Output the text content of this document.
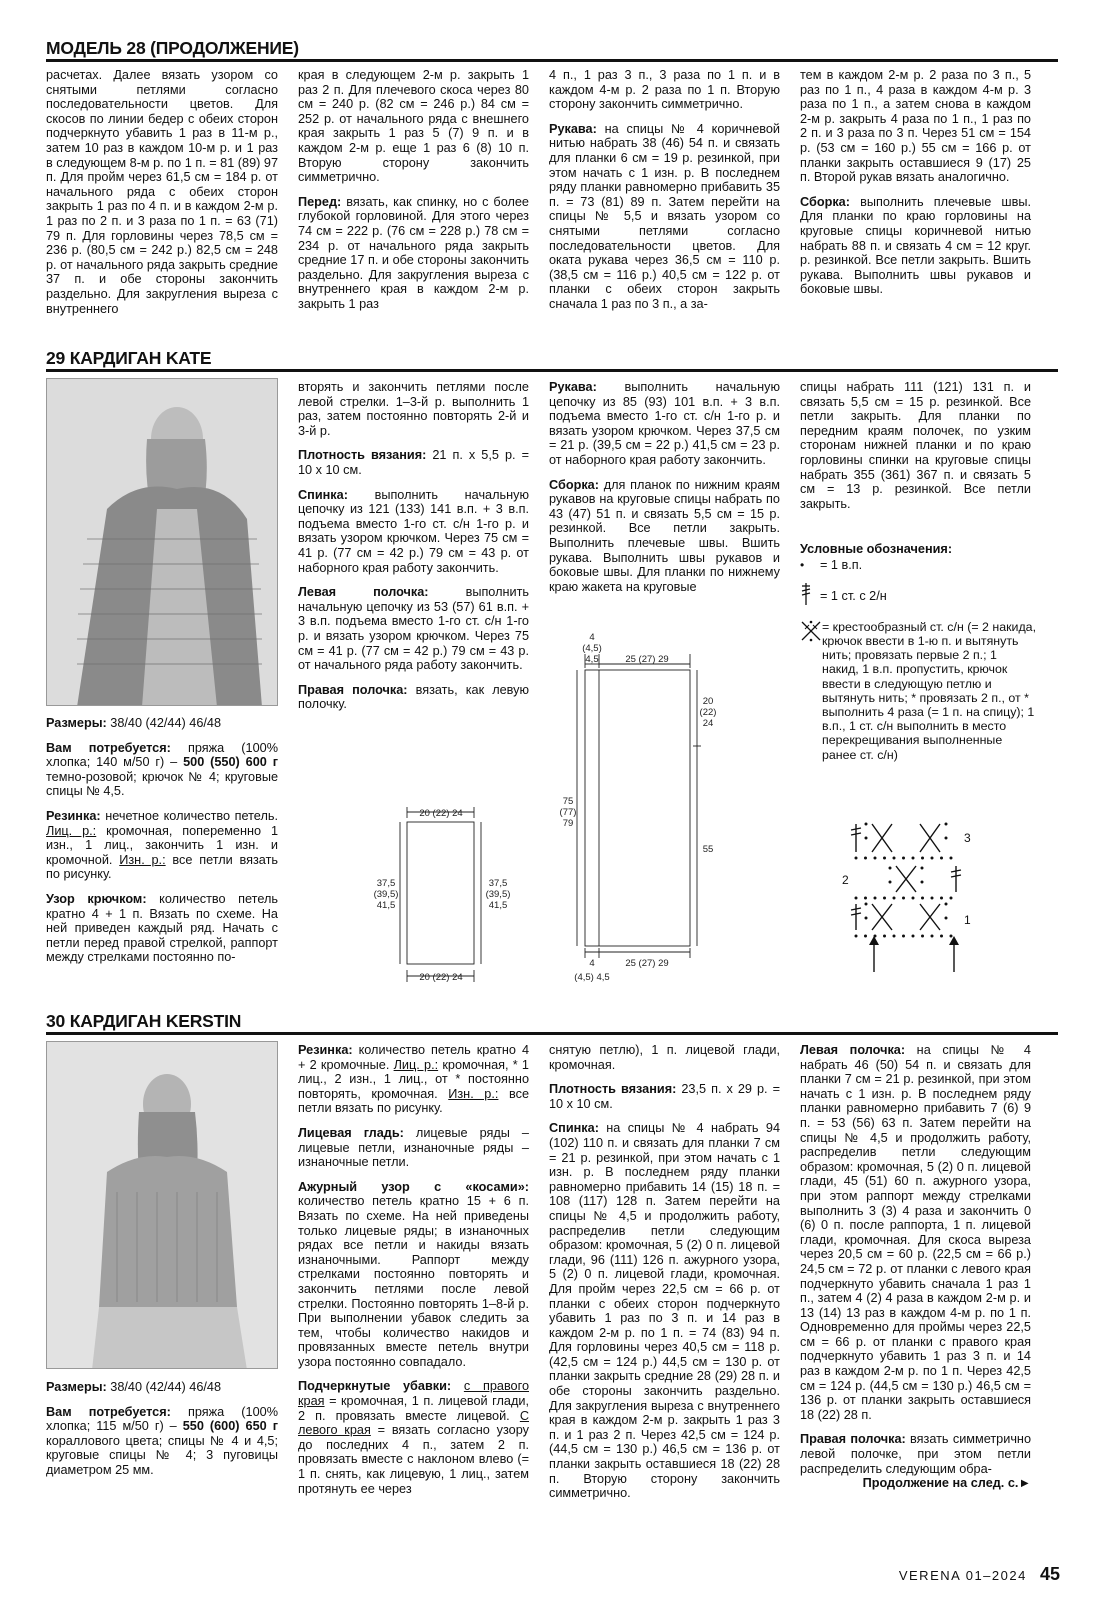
МОДЕЛЬ 28 (ПРОДОЛЖЕНИЕ)

расчетах. Далее вязать узором со снятыми петлями согласно последовательности цветов. Для скосов по линии бедер с обеих сторон подчеркнуто убавить 1 раз в 11-м р., затем 10 раз в каждом 10-м р. и 1 раз в следующем 8-м р. по 1 п. = 81 (89) 97 п. Для пройм через 61,5 см = 184 р. от начального ряда с обеих сторон закрыть 1 раз по 4 п. и в каждом 2-м р. 1 раз по 2 п. и 3 раза по 1 п. = 63 (71) 79 п. Для горловины через 78,5 см = 236 р. (80,5 см = 242 р.) 82,5 см = 248 р. от начального ряда закрыть средние 37 п. и обе стороны закончить раздельно. Для закругления выреза с внутреннего

края в следующем 2-м р. закрыть 1 раз 2 п. Для плечевого скоса через 80 см = 240 р. (82 см = 246 р.) 84 см = 252 р. от начального ряда с внешнего края закрыть 1 раз 5 (7) 9 п. и в каждом 2-м р. еще 1 раз 6 (8) 10 п. Вторую сторону закончить симметрично.

Перед: вязать, как спинку, но с более глубокой горловиной. Для этого через 74 см = 222 р. (76 см = 228 р.) 78 см = 234 р. от начального ряда закрыть средние 17 п. и обе стороны закончить раздельно. Для закругления выреза с внутреннего края в каждом 2-м р. закрыть 1 раз

4 п., 1 раз 3 п., 3 раза по 1 п. и в каждом 4-м р. 2 раза по 1 п. Вторую сторону закончить симметрично.

Рукава: на спицы № 4 коричневой нитью набрать 38 (46) 54 п. и связать для планки 6 см = 19 р. резинкой, при этом начать с 1 изн. р. В последнем ряду планки равномерно прибавить 35 п. = 73 (81) 89 п. Затем перейти на спицы № 5,5 и вязать узором со снятыми петлями согласно последовательности цветов. Для оката рукава через 36,5 см = 110 р. (38,5 см = 116 р.) 40,5 см = 122 р. от планки с обеих сторон закрыть сначала 1 раз по 3 п., а за-

тем в каждом 2-м р. 2 раза по 3 п., 5 раз по 1 п., 4 раза в каждом 4-м р. 3 раза по 1 п., а затем снова в каждом 2-м р. закрыть 4 раза по 1 п., 1 раз по 2 п. и 3 раза по 3 п. Через 51 см = 154 р. (53 см = 160 р.) 55 см = 166 р. от планки закрыть оставшиеся 9 (17) 25 п. Второй рукав вязать аналогично.

Сборка: выполнить плечевые швы. Для планки по краю горловины на круговые спицы коричневой нитью набрать 88 п. и связать 4 см = 12 круг. р. резинкой. Все петли закрыть. Вшить рукава. Выполнить швы рукавов и боковые швы.

29 КАРДИГАН KATE

Размеры: 38/40 (42/44) 46/48

Вам потребуется: пряжа (100% хлопка; 140 м/50 г) – 500 (550) 600 г темно-розовой; крючок № 4; круговые спицы № 4,5.

Резинка: нечетное количество петель. Лиц. р.: кромочная, попеременно 1 изн., 1 лиц., закончить 1 изн. и кромочной. Изн. р.: все петли вязать по рисунку.

Узор крючком: количество петель кратно 4 + 1 п. Вязать по схеме. На ней приведен каждый ряд. Начать с петли перед правой стрелкой, раппорт между стрелками постоянно по-

вторять и закончить петлями после левой стрелки. 1–3-й р. выполнить 1 раз, затем постоянно повторять 2-й и 3-й р.

Плотность вязания: 21 п. х 5,5 р. = 10 х 10 см.

Спинка: выполнить начальную цепочку из 121 (133) 141 в.п. + 3 в.п. подъема вместо 1-го ст. с/н 1-го р. и вязать узором крючком. Через 75 см = 41 р. (77 см = 42 р.) 79 см = 43 р. от наборного края работу закончить.

Левая полочка: выполнить начальную цепочку из 53 (57) 61 в.п. + 3 в.п. подъема вместо 1-го ст. с/н 1-го р. и вязать узором крючком. Через 75 см = 41 р. (77 см = 42 р.) 79 см = 43 р. от начального ряда работу закончить.

Правая полочка: вязать, как левую полочку.

Рукава: выполнить начальную цепочку из 85 (93) 101 в.п. + 3 в.п. подъема вместо 1-го ст. с/н 1-го р. и вязать узором крючком. Через 37,5 см = 21 р. (39,5 см = 22 р.) 41,5 см = 23 р. от наборного края работу закончить.

Сборка: для планок по нижним краям рукавов на круговые спицы набрать по 43 (47) 51 п. и связать 5,5 см = 15 р. резинкой. Все петли закрыть. Выполнить плечевые швы. Вшить рукава. Выполнить швы рукавов и боковые швы. Для планки по нижнему краю жакета на круговые

спицы набрать 111 (121) 131 п. и связать 5,5 см = 15 р. резинкой. Все петли закрыть. Для планки по передним краям полочек, по узким сторонам нижней планки и по краю горловины спинки на круговые спицы набрать 355 (361) 367 п. и связать 5 см = 13 р. резинкой. Все петли закрыть.

Условные обозначения:
•	= 1 в.п.
= 1 ст. с 2/н
= крестообразный ст. с/н (= 2 накида, крючок ввести в 1-ю п. и вытянуть нить; провязать первые 2 п.; 1 накид, 1 в.п. пропустить, крючок ввести в следующую петлю и вытянуть нить; * провязать 2 п., от * выполнить 4 раза (= 1 п. на спицу); 1 в.п., 1 ст. с/н выполнить в место перекрещивания выполненные ранее ст. с/н)
3
2
1
20 (22) 24
20 (22) 24
37,5
(39,5)
41,5
37,5
(39,5)
41,5
4
(4,5)
4,5	25 (27) 29
20
(22)
24
55
75
(77)
79
4
(4,5) 4,5
25 (27) 29
30 КАРДИГАН KERSTIN

Размеры: 38/40 (42/44) 46/48

Вам потребуется: пряжа (100% хлопка; 115 м/50 г) – 550 (600) 650 г кораллового цвета; спицы № 4 и 4,5; круговые спицы № 4; 3 пуговицы диаметром 25 мм.

Резинка: количество петель кратно 4 + 2 кромочные. Лиц. р.: кромочная, * 1 лиц., 2 изн., 1 лиц., от * постоянно повторять, кромочная. Изн. р.: все петли вязать по рисунку.

Лицевая гладь: лицевые ряды – лицевые петли, изнаночные ряды – изнаночные петли.

Ажурный узор с «косами»: количество петель кратно 15 + 6 п. Вязать по схеме. На ней приведены только лицевые ряды; в изнаночных рядах все петли и накиды вязать изнаночными. Раппорт между стрелками постоянно повторять и закончить петлями после левой стрелки. Постоянно повторять 1–8-й р. При выполнении убавок следить за тем, чтобы количество накидов и провязанных вместе петель внутри узора постоянно совпадало.

Подчеркнутые убавки: с правого края = кромочная, 1 п. лицевой глади, 2 п. провязать вместе лицевой. С левого края = вязать согласно узору до последних 4 п., затем 2 п. провязать вместе с наклоном влево (= 1 п. снять, как лицевую, 1 лиц., затем протянуть ее через

снятую петлю), 1 п. лицевой глади, кромочная.

Плотность вязания: 23,5 п. х 29 р. = 10 х 10 см.

Спинка: на спицы № 4 набрать 94 (102) 110 п. и связать для планки 7 см = 21 р. резинкой, при этом начать с 1 изн. р. В последнем ряду планки равномерно прибавить 14 (15) 18 п. = 108 (117) 128 п. Затем перейти на спицы № 4,5 и продолжить работу, распределив петли следующим образом: кромочная, 5 (2) 0 п. лицевой глади, 96 (111) 126 п. ажурного узора, 5 (2) 0 п. лицевой глади, кромочная. Для пройм через 22,5 см = 66 р. от планки с обеих сторон подчеркнуто убавить 1 раз по 3 п. и 14 раз в каждом 2-м р. по 1 п. = 74 (83) 94 п. Для горловины через 40,5 см = 118 р. (42,5 см = 124 р.) 44,5 см = 130 р. от планки закрыть средние 28 (29) 28 п. и обе стороны закончить раздельно. Для закругления выреза с внутреннего края в каждом 2-м р. закрыть 1 раз 3 п. и 1 раз 2 п. Через 42,5 см = 124 р. (44,5 см = 130 р.) 46,5 см = 136 р. от планки закрыть оставшиеся 18 (22) 28 п. Вторую сторону закончить симметрично.

Левая полочка: на спицы № 4 набрать 46 (50) 54 п. и связать для планки 7 см = 21 р. резинкой, при этом начать с 1 изн. р. В последнем ряду планки равномерно прибавить 7 (6) 9 п. = 53 (56) 63 п. Затем перейти на спицы № 4,5 и продолжить работу, распределив петли следующим образом: кромочная, 5 (2) 0 п. лицевой глади, 45 (51) 60 п. ажурного узора, при этом раппорт между стрелками выполнить 3 (3) 4 раза и закончить 0 (6) 0 п. после раппорта, 1 п. лицевой глади, кромочная. Для скоса выреза через 20,5 см = 60 р. (22,5 см = 66 р.) 24,5 см = 72 р. от планки с левого края подчеркнуто убавить сначала 1 раз 1 п., затем 4 (2) 4 раза в каждом 2-м р. и 13 (14) 13 раз в каждом 4-м р. по 1 п. Одновременно для проймы через 22,5 см = 66 р. от планки с правого края подчеркнуто убавить 1 раз 3 п. и 14 раз в каждом 2-м р. по 1 п. Через 42,5 см = 124 р. (44,5 см = 130 р.) 46,5 см = 136 р. от планки закрыть оставшиеся 18 (22) 28 п.

Правая полочка: вязать симметрично левой полочке, при этом петли распределить следующим обра-

Продолжение на след. с.►
VERENA 01–2024 45
